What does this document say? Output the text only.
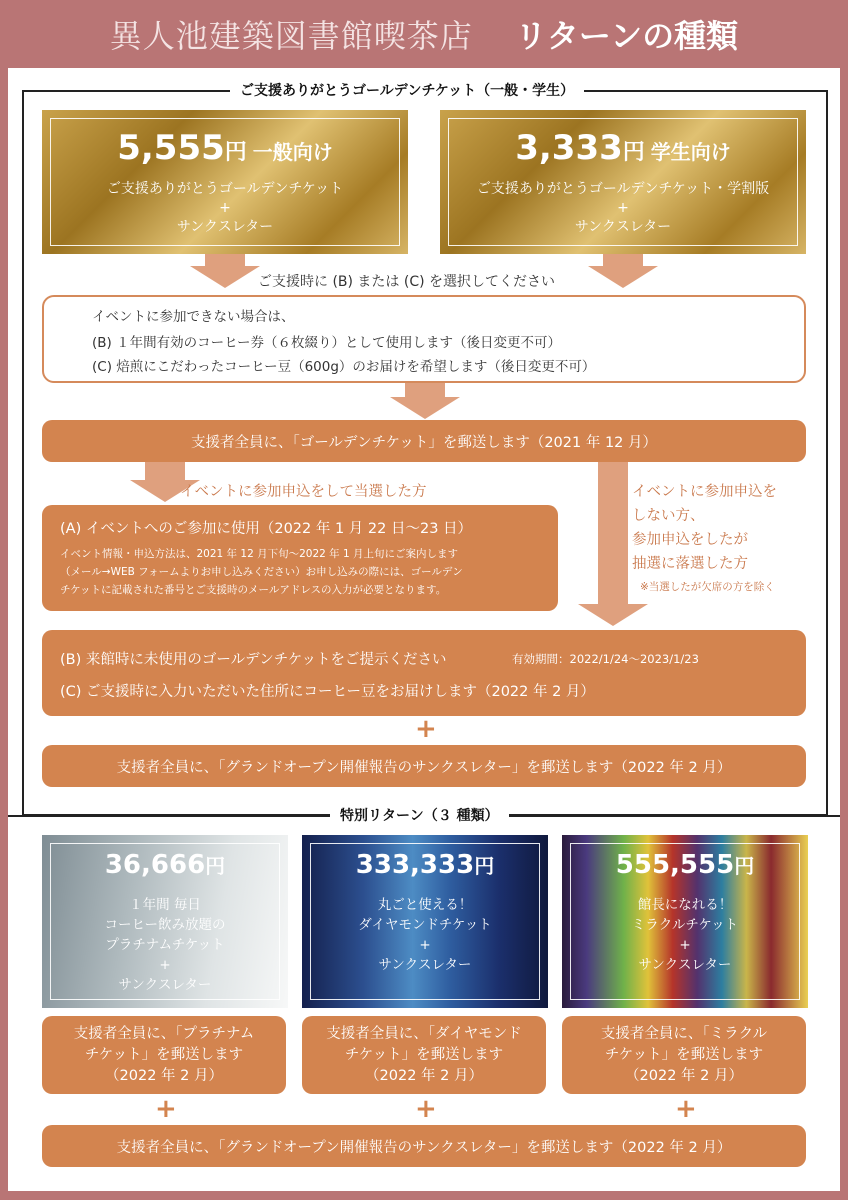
異人池建築図書館喫茶店 リターンの種類
ご支援ありがとうゴールデンチケット（一般・学生）
5,555円 一般向け
ご支援ありがとうゴールデンチケット
+
サンクスレター
3,333円 学生向け
ご支援ありがとうゴールデンチケット・学割版
+
サンクスレター
ご支援時に (B) または (C) を選択してください
イベントに参加できない場合は、
(B) １年間有効のコーヒー券（６枚綴り）として使用します（後日変更不可）
(C) 焙煎にこだわったコーヒー豆（600g）のお届けを希望します（後日変更不可）
支援者全員に、「ゴールデンチケット」を郵送します（2021 年 12 月）
イベントに参加申込をして当選した方
(A) イベントへのご参加に使用（2022 年 1 月 22 日〜23 日）
イベント情報・申込方法は、2021 年 12 月下旬〜2022 年 1 月上旬にご案内します
（メール→WEB フォームよりお申し込みください）お申し込みの際には、ゴールデン
チケットに記載された番号とご支援時のメールアドレスの入力が必要となります。
イベントに参加申込を
しない方、
参加申込をしたが
抽選に落選した方
※当選したが欠席の方を除く
(B) 来館時に未使用のゴールデンチケットをご提示ください	有効期間：2022/1/24〜2023/1/23
(C) ご支援時に入力いただいた住所にコーヒー豆をお届けします（2022 年 2 月）
+
支援者全員に、「グランドオープン開催報告のサンクスレター」を郵送します（2022 年 2 月）
特別リターン（３ 種類）
36,666円
１年間 毎日
コーヒー飲み放題の
プラチナムチケット
+
サンクスレター
333,333円
丸ごと使える！
ダイヤモンドチケット
+
サンクスレター
555,555円
館長になれる！
ミラクルチケット
+
サンクスレター
支援者全員に、「プラチナム
チケット」を郵送します
（2022 年 2 月）
支援者全員に、「ダイヤモンド
チケット」を郵送します
（2022 年 2 月）
支援者全員に、「ミラクル
チケット」を郵送します
（2022 年 2 月）
+	+	+
支援者全員に、「グランドオープン開催報告のサンクスレター」を郵送します（2022 年 2 月）
